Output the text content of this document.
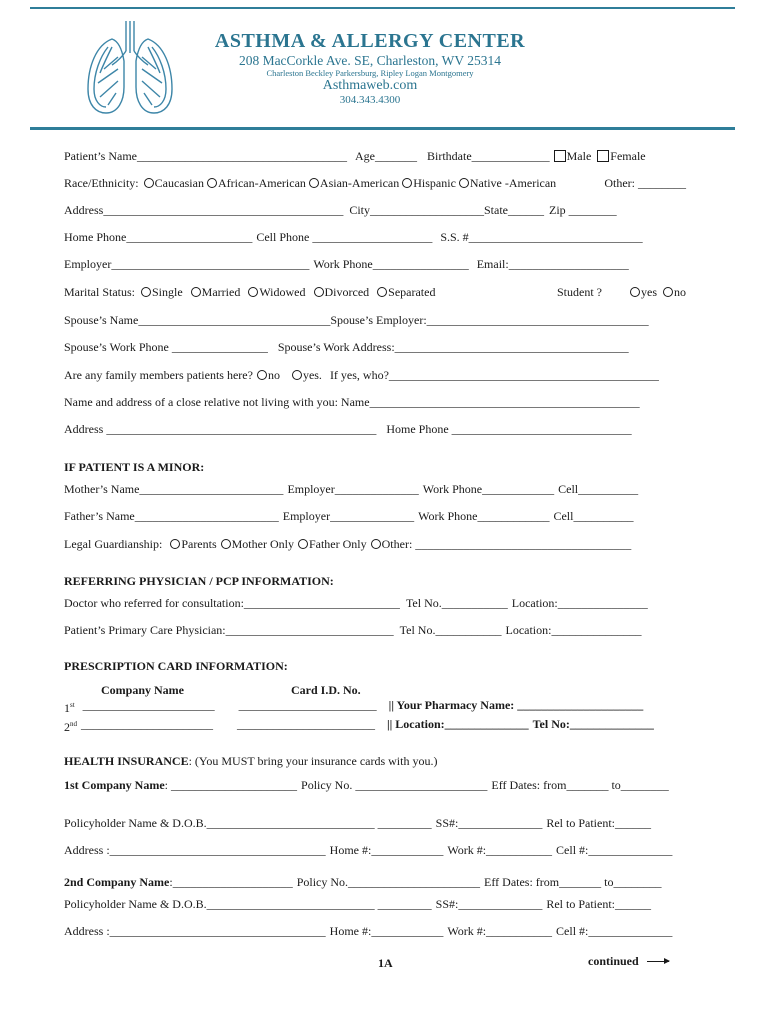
ASTHMA & ALLERGY CENTER
208 MacCorkle Ave. SE, Charleston, WV 25314
Charleston Beckley Parkersburg, Ripley Logan Montgomery
Asthmaweb.com
304.343.4300
Patient’s Name___________________________________ Age_______ Birthdate_____________	Male	Female
Race/Ethnicity:	Caucasian	African-American	Asian-American	Hispanic	Native -American	Other: ________
Address________________________________________ City___________________ State______ Zip ________
Home Phone_____________________ Cell Phone ____________________ S.S. #_____________________________
Employer_________________________________ Work Phone________________ Email:____________________
Marital Status:	Single	Married	Widowed	Divorced	Separated	Student ?	yes	no
Spouse’s Name________________________________ Spouse’s Employer:_____________________________________
Spouse’s Work Phone ________________ Spouse’s Work Address:_______________________________________
Are any family members patients here?	no	yes. If yes, who?_____________________________________________
Name and address of a close relative not living with you: Name_____________________________________________
Address _____________________________________________ Home Phone ______________________________
IF PATIENT IS A MINOR:
Mother’s Name________________________ Employer______________ Work Phone____________ Cell__________
Father’s Name________________________ Employer______________ Work Phone____________ Cell__________
Legal Guardianship:	Parents	Mother Only	Father Only	Other: ____________________________________
REFERRING PHYSICIAN / PCP INFORMATION:
Doctor who referred for consultation:__________________________ Tel No.___________ Location:_______________
Patient’s Primary Care Physician:____________________________ Tel No.___________ Location:_______________
PRESCRIPTION CARD INFORMATION:
Company Name	Card I.D. No.
1st ______________________ _______________________ || Your Pharmacy Name: _____________________
2nd ______________________ _______________________ || Location:______________ Tel No:______________
HEALTH INSURANCE : (You MUST bring your insurance cards with you.)
1st Company Name : _____________________ Policy No. ______________________ Eff Dates: from_______ to________
Policyholder Name & D.O.B.____________________________ _________ SS#:______________ Rel to Patient:______
Address :____________________________________ Home #:____________ Work #:___________ Cell #:______________
2nd Company Name :____________________ Policy No.______________________ Eff Dates: from_______ to________
Policyholder Name & D.O.B.____________________________ _________ SS#:______________ Rel to Patient:______
Address :____________________________________ Home #:____________ Work #:___________ Cell #:______________
1A	continued
